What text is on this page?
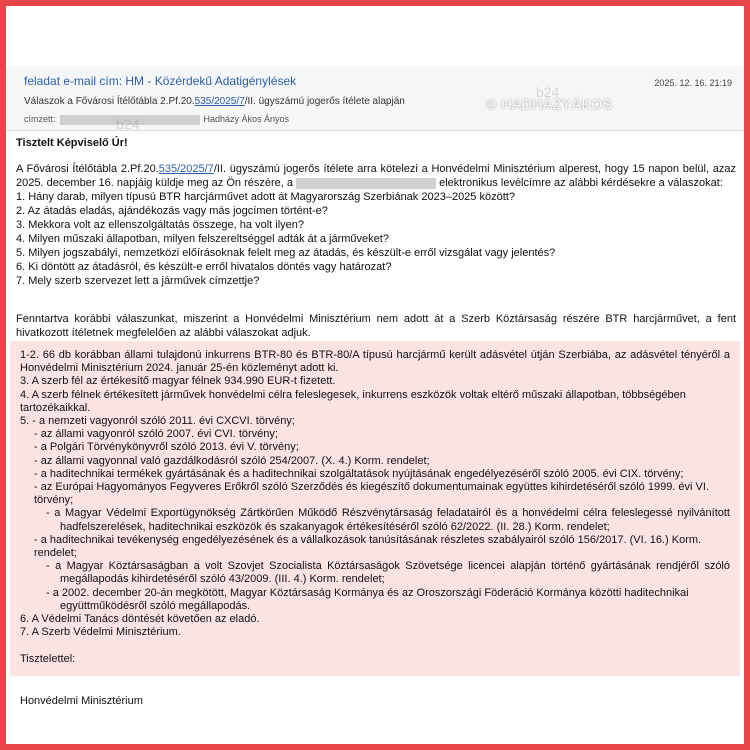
feladat e-mail cím: HM - Közérdekű Adatigénylések
Válaszok a Fővárosi Ítélőtábla 2.Pf.20.535/2025/7/II. ügyszámú jogerős ítélete alapján
címzett:	Hadházy Ákos Ányos
2025. 12. 16. 21:19
b24
b24
© HADHÁZYÁKOS

Tisztelt Képviselő Úr!

A Fővárosi Ítélőtábla 2.Pf.20.535/2025/7/II. ügyszámú jogerős ítélete arra kötelezi a Honvédelmi Minisztérium alperest, hogy 15 napon belül, azaz 2025. december 16. napjáig küldje meg az Ön részére, a	elektronikus levélcímre az alábbi kérdésekre a válaszokat:

1. Hány darab, milyen típusú BTR harcjárművet adott át Magyarország Szerbiának 2023–2025 között?

2. Az átadás eladás, ajándékozás vagy más jogcímen történt-e?

3. Mekkora volt az ellenszolgáltatás összege, ha volt ilyen?

4. Milyen műszaki állapotban, milyen felszereltséggel adták át a járműveket?

5. Milyen jogszabályi, nemzetközi előírásoknak felelt meg az átadás, és készült-e erről vizsgálat vagy jelentés?

6. Ki döntött az átadásról, és készült-e erről hivatalos döntés vagy határozat?

7. Mely szerb szervezet lett a járművek címzettje?

Fenntartva korábbi válaszunkat, miszerint a Honvédelmi Minisztérium nem adott át a Szerb Köztársaság részére BTR harcjárművet, a fent hivatkozott ítéletnek megfelelően az alábbi válaszokat adjuk.

1-2. 66 db korábban állami tulajdonú inkurrens BTR-80 és BTR-80/A típusú harcjármű került adásvétel útján Szerbiába, az adásvétel tényéről a Honvédelmi Minisztérium 2024. január 25-én közleményt adott ki.

3. A szerb fél az értékesítő magyar félnek 934.990 EUR-t fizetett.

4. A szerb félnek értékesített járművek honvédelmi célra feleslegesek, inkurrens eszközök voltak eltérő műszaki állapotban, többségében tartozékaikkal.

5. - a nemzeti vagyonról szóló 2011. évi CXCVI. törvény;

- az állami vagyonról szóló 2007. évi CVI. törvény;

- a Polgári Törvénykönyvről szóló 2013. évi V. törvény;

- az állami vagyonnal való gazdálkodásról szóló 254/2007. (X. 4.) Korm. rendelet;

- a haditechnikai termékek gyártásának és a haditechnikai szolgáltatások nyújtásának engedélyezéséről szóló 2005. évi CIX. törvény;

- az Európai Hagyományos Fegyveres Erőkről szóló Szerződés és kiegészítő dokumentumainak együttes kihirdetéséről szóló 1999. évi VI. törvény;

- a Magyar Védelmi Exportügynökség Zártkörűen Működő Részvénytársaság feladatairól és a honvédelmi célra feleslegessé nyilvánított hadfelszerelések, haditechnikai eszközök és szakanyagok értékesítéséről szóló 62/2022. (II. 28.) Korm. rendelet;

- a haditechnikai tevékenység engedélyezésének és a vállalkozások tanúsításának részletes szabályairól szóló 156/2017. (VI. 16.) Korm. rendelet;

- a Magyar Köztársaságban a volt Szovjet Szocialista Köztársaságok Szövetsége licencei alapján történő gyártásának rendjéről szóló megállapodás kihirdetéséről szóló 43/2009. (III. 4.) Korm. rendelet;

- a 2002. december 20-án megkötött, Magyar Köztársaság Kormánya és az Oroszországi Föderáció Kormánya közötti haditechnikai együttműködésről szóló megállapodás.

6. A Védelmi Tanács döntését követően az eladó.

7. A Szerb Védelmi Minisztérium.

Tisztelettel:

Honvédelmi Minisztérium
